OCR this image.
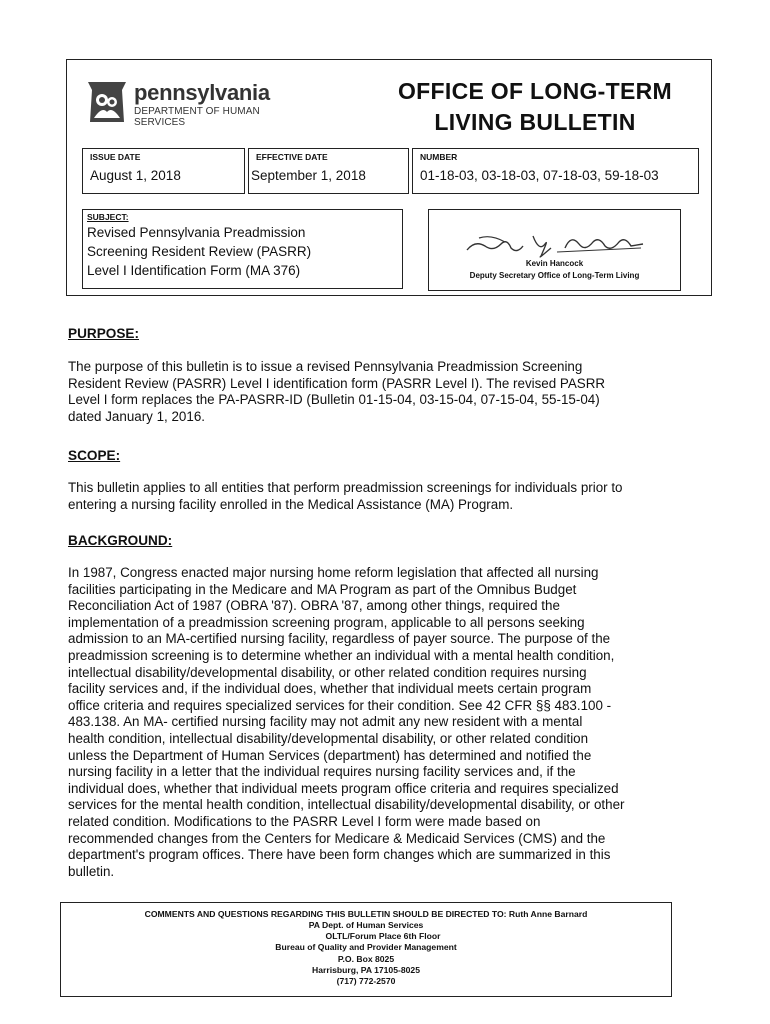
pennsylvania
DEPARTMENT OF HUMAN SERVICES
OFFICE OF LONG-TERM
LIVING BULLETIN
ISSUE DATE
August 1, 2018
EFFECTIVE DATE
September 1, 2018
NUMBER
01-18-03, 03-18-03, 07-18-03, 59-18-03
SUBJECT:
Revised Pennsylvania Preadmission
Screening Resident Review (PASRR)
Level I Identification Form (MA 376)	Kevin Hancock
Deputy Secretary Office of Long-Term Living
PURPOSE:
The purpose of this bulletin is to issue a revised Pennsylvania Preadmission Screening
Resident Review (PASRR) Level I identification form (PASRR Level I). The revised PASRR
Level I form replaces the PA-PASRR-ID (Bulletin 01-15-04, 03-15-04, 07-15-04, 55-15-04)
dated January 1, 2016.
SCOPE:
This bulletin applies to all entities that perform preadmission screenings for individuals prior to
entering a nursing facility enrolled in the Medical Assistance (MA) Program.
BACKGROUND:
In 1987, Congress enacted major nursing home reform legislation that affected all nursing
facilities participating in the Medicare and MA Program as part of the Omnibus Budget
Reconciliation Act of 1987 (OBRA '87). OBRA '87, among other things, required the
implementation of a preadmission screening program, applicable to all persons seeking
admission to an MA-certified nursing facility, regardless of payer source. The purpose of the
preadmission screening is to determine whether an individual with a mental health condition,
intellectual disability/developmental disability, or other related condition requires nursing
facility services and, if the individual does, whether that individual meets certain program
office criteria and requires specialized services for their condition. See 42 CFR §§ 483.100 -
483.138. An MA- certified nursing facility may not admit any new resident with a mental
health condition, intellectual disability/developmental disability, or other related condition
unless the Department of Human Services (department) has determined and notified the
nursing facility in a letter that the individual requires nursing facility services and, if the
individual does, whether that individual meets program office criteria and requires specialized
services for the mental health condition, intellectual disability/developmental disability, or other
related condition. Modifications to the PASRR Level I form were made based on
recommended changes from the Centers for Medicare & Medicaid Services (CMS) and the
department's program offices. There have been form changes which are summarized in this
bulletin.
COMMENTS AND QUESTIONS REGARDING THIS BULLETIN SHOULD BE DIRECTED TO: Ruth Anne Barnard
PA Dept. of Human Services
OLTL/Forum Place 6th Floor
Bureau of Quality and Provider Management
P.O. Box 8025
Harrisburg, PA 17105-8025
(717) 772-2570
